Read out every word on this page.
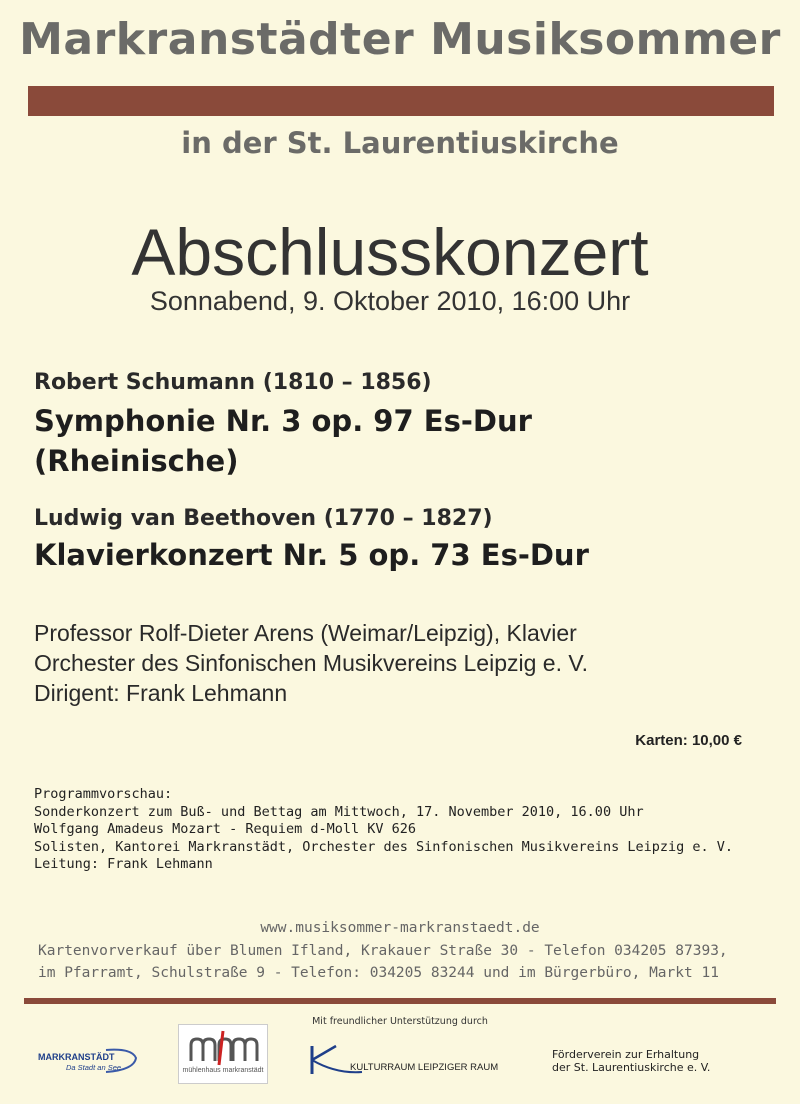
Markranstädter Musiksommer
in der St. Laurentiuskirche
Abschlusskonzert
Sonnabend, 9. Oktober 2010, 16:00 Uhr
Robert Schumann (1810 – 1856)
Symphonie Nr. 3 op. 97 Es-Dur
(Rheinische)
Ludwig van Beethoven (1770 – 1827)
Klavierkonzert Nr. 5 op. 73 Es-Dur
Professor Rolf-Dieter Arens (Weimar/Leipzig), Klavier
Orchester des Sinfonischen Musikvereins Leipzig e. V.
Dirigent: Frank Lehmann
Karten: 10,00 €
Programmvorschau:
Sonderkonzert zum Buß- und Bettag am Mittwoch, 17. November 2010, 16.00 Uhr
Wolfgang Amadeus Mozart - Requiem d-Moll KV 626
Solisten, Kantorei Markranstädt, Orchester des Sinfonischen Musikvereins Leipzig e. V.
Leitung: Frank Lehmann
www.musiksommer-markranstaedt.de
Kartenvorverkauf über Blumen Ifland, Krakauer Straße 30 - Telefon 034205 87393,
im Pfarramt, Schulstraße 9 - Telefon: 034205 83244 und im Bürgerbüro, Markt 11
Mit freundlicher Unterstützung durch
MARKRANSTÄDT
Da Stadt an See	mühlenhaus markranstädt	KULTURRAUM LEIPZIGER RAUM
Förderverein zur Erhaltung
der St. Laurentiuskirche e. V.
